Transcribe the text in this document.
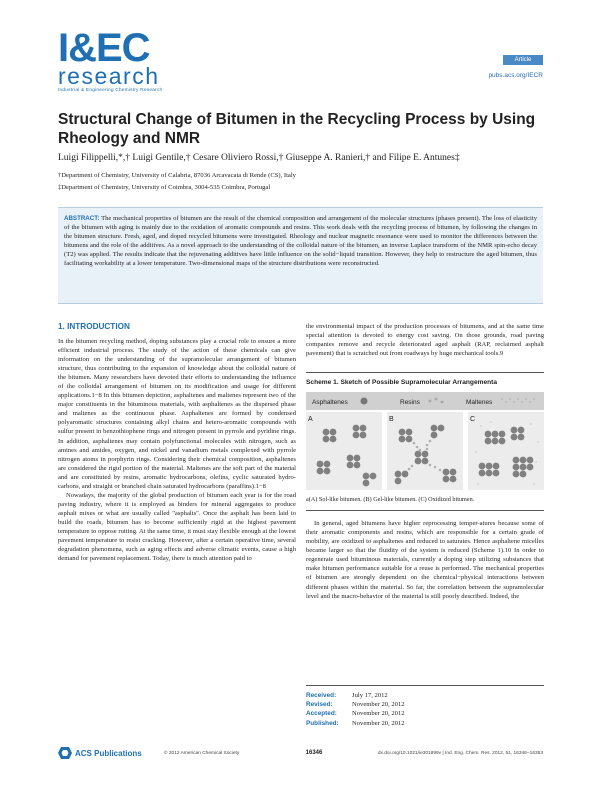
I&EC
research
Industrial & Engineering Chemistry Research
Article
pubs.acs.org/IECR
Structural Change of Bitumen in the Recycling Process by Using Rheology and NMR
Luigi Filippelli,*,† Luigi Gentile,† Cesare Oliviero Rossi,† Giuseppe A. Ranieri,† and Filipe E. Antunes‡
†Department of Chemistry, University of Calabria, 87036 Arcavacata di Rende (CS), Italy
‡Department of Chemistry, University of Coimbra, 3004-535 Coimbra, Portugal
ABSTRACT: The mechanical properties of bitumen are the result of the chemical composition and arrangement of the molecular structures (phases present). The loss of elasticity of the bitumen with aging is mainly due to the oxidation of aromatic compounds and resins. This work deals with the recycling process of bitumen, by following the changes in the bitumen structure. Fresh, aged, and doped recycled bitumens were investigated. Rheology and nuclear magnetic resonance were used to monitor the differences between the bitumens and the role of the additives. As a novel approach to the understanding of the colloidal nature of the bitumen, an inverse Laplace transform of the NMR spin-echo decay (T2) was applied. The results indicate that the rejuvenating additives have little influence on the solid−liquid transition. However, they help to restructure the aged bitumen, thus facilitating workability at a lower temperature. Two-dimensional maps of the structure distributions were reconstructed.
1. INTRODUCTION

In the bitumen recycling method, doping substances play a crucial role to ensure a more efficient industrial process. The study of the action of these chemicals can give information on the understanding of the supramolecular arrangement of bitumen structure, thus contributing to the expansion of knowledge about the colloidal nature of the bitumen. Many researchers have devoted their efforts to understanding the influence of the colloidal arrangement of bitumen on its modification and usage for different applications.1−8 In this bitumen depiction, asphaltenes and maltenes represent two of the major constituents in the bituminous materials, with asphaltenes as the dispersed phase and maltenes as the continuous phase. Asphaltenes are formed by condensed polyaromatic structures containing alkyl chains and hetero-aromatic compounds with sulfur present in benzothiophene rings and nitrogen present in pyrrole and pyridine rings. In addition, asphaltenes may contain polyfunctional molecules with nitrogen, such as amines and amides, oxygen, and nickel and vanadium metals complexed with pyrrole nitrogen atoms in porphyrin rings. Considering their chemical composition, asphaltenes are considered the rigid portion of the material. Maltenes are the soft part of the material and are constituted by resins, aromatic hydrocarbons, olefins, cyclic saturated hydro-carbons, and straight or branched chain saturated hydrocarbons (paraffins).1−8

Nowadays, the majority of the global production of bitumen each year is for the road paving industry, where it is employed as binders for mineral aggregates to produce asphalt mixes or what are usually called "asphalts". Once the asphalt has been laid to build the roads, bitumen has to become sufficiently rigid at the highest pavement temperature to oppose rutting. At the same time, it must stay flexible enough at the lowest pavement temperature to resist cracking. However, after a certain operative time, several degradation phenomena, such as aging effects and adverse climatic events, cause a high demand for pavement replacement. Today, there is much attention paid to

the environmental impact of the production processes of bitumens, and at the same time special attention is devoted to energy cost saving. On those grounds, road paving companies remove and recycle deteriorated aged asphalt (RAP, reclaimed asphalt pavement) that is scratched out from roadways by huge mechanical tools.9

Scheme 1. Sketch of Possible Supramolecular Arrangementa
Asphaltenes	Resins	Maltenes
A	B	C
a(A) Sol-like bitumen. (B) Gel-like bitumen. (C) Oxidized bitumen.

In general, aged bitumens have higher reprocessing temper-atures because some of their aromatic components and resins, which are responsible for a certain grade of mobility, are oxidized to asphaltenes and reduced to saturates. Hence asphaltene micelles became larger so that the fluidity of the system is reduced (Scheme 1).10 In order to regenerate used bituminous materials, currently a doping step utilizing substances that make bitumen performance suitable for a reuse is performed. The mechanical properties of bitumen are strongly dependent on the chemical−physical interactions between different phases within the material. So far, the correlation between the supramolecular level and the macro-behavior of the material is still poorly described. Indeed, the

Received:	July 17, 2012
Revised:	November 20, 2012
Accepted:	November 20, 2012
Published:	November 20, 2012
ACS Publications	© 2012 American Chemical Society	16346	dx.doi.org/10.1021/ie301899v | Ind. Eng. Chem. Res. 2012, 51, 16346−16353
